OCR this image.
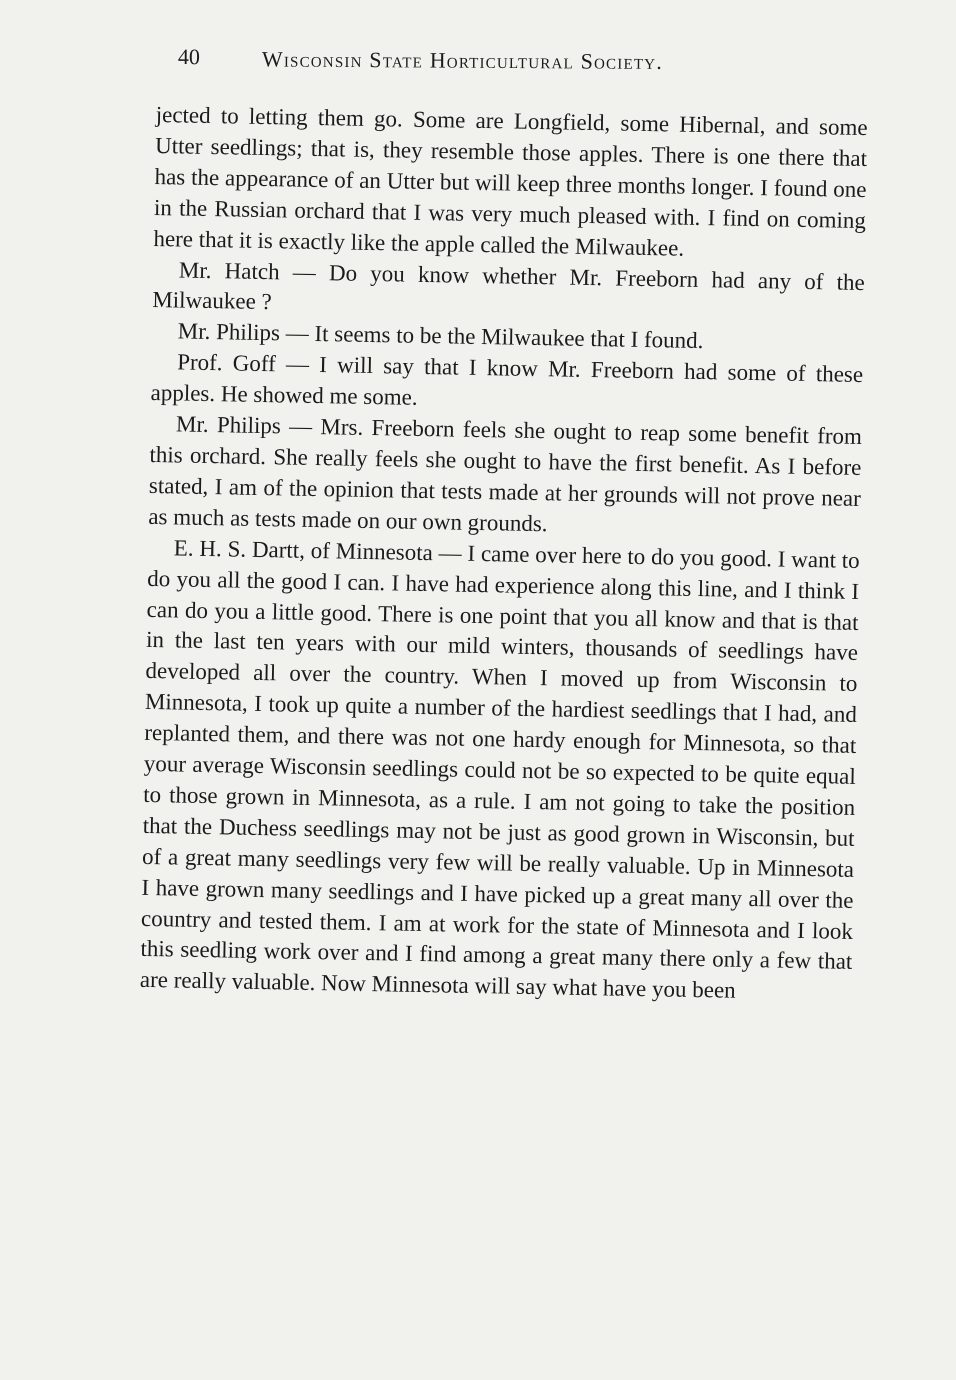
40	Wisconsin State Horticultural Society.

jected to letting them go. Some are Longfield, some Hibernal, and some Utter seedlings; that is, they resemble those apples. There is one there that has the appearance of an Utter but will keep three months longer. I found one in the Russian orchard that I was very much pleased with. I find on coming here that it is exactly like the apple called the Milwaukee.

Mr. Hatch — Do you know whether Mr. Freeborn had any of the Milwaukee ?

Mr. Philips — It seems to be the Milwaukee that I found.

Prof. Goff — I will say that I know Mr. Freeborn had some of these apples. He showed me some.

Mr. Philips — Mrs. Freeborn feels she ought to reap some benefit from this orchard. She really feels she ought to have the first benefit. As I before stated, I am of the opinion that tests made at her grounds will not prove near as much as tests made on our own grounds.

E. H. S. Dartt, of Minnesota — I came over here to do you good. I want to do you all the good I can. I have had experience along this line, and I think I can do you a little good. There is one point that you all know and that is that in the last ten years with our mild winters, thousands of seedlings have developed all over the country. When I moved up from Wisconsin to Minnesota, I took up quite a number of the hardiest seedlings that I had, and replanted them, and there was not one hardy enough for Minnesota, so that your average Wisconsin seedlings could not be so expected to be quite equal to those grown in Minnesota, as a rule. I am not going to take the position that the Duchess seedlings may not be just as good grown in Wisconsin, but of a great many seedlings very few will be really valuable. Up in Minnesota I have grown many seedlings and I have picked up a great many all over the country and tested them. I am at work for the state of Minnesota and I look this seedling work over and I find among a great many there only a few that are really valuable. Now Minnesota will say what have you been
